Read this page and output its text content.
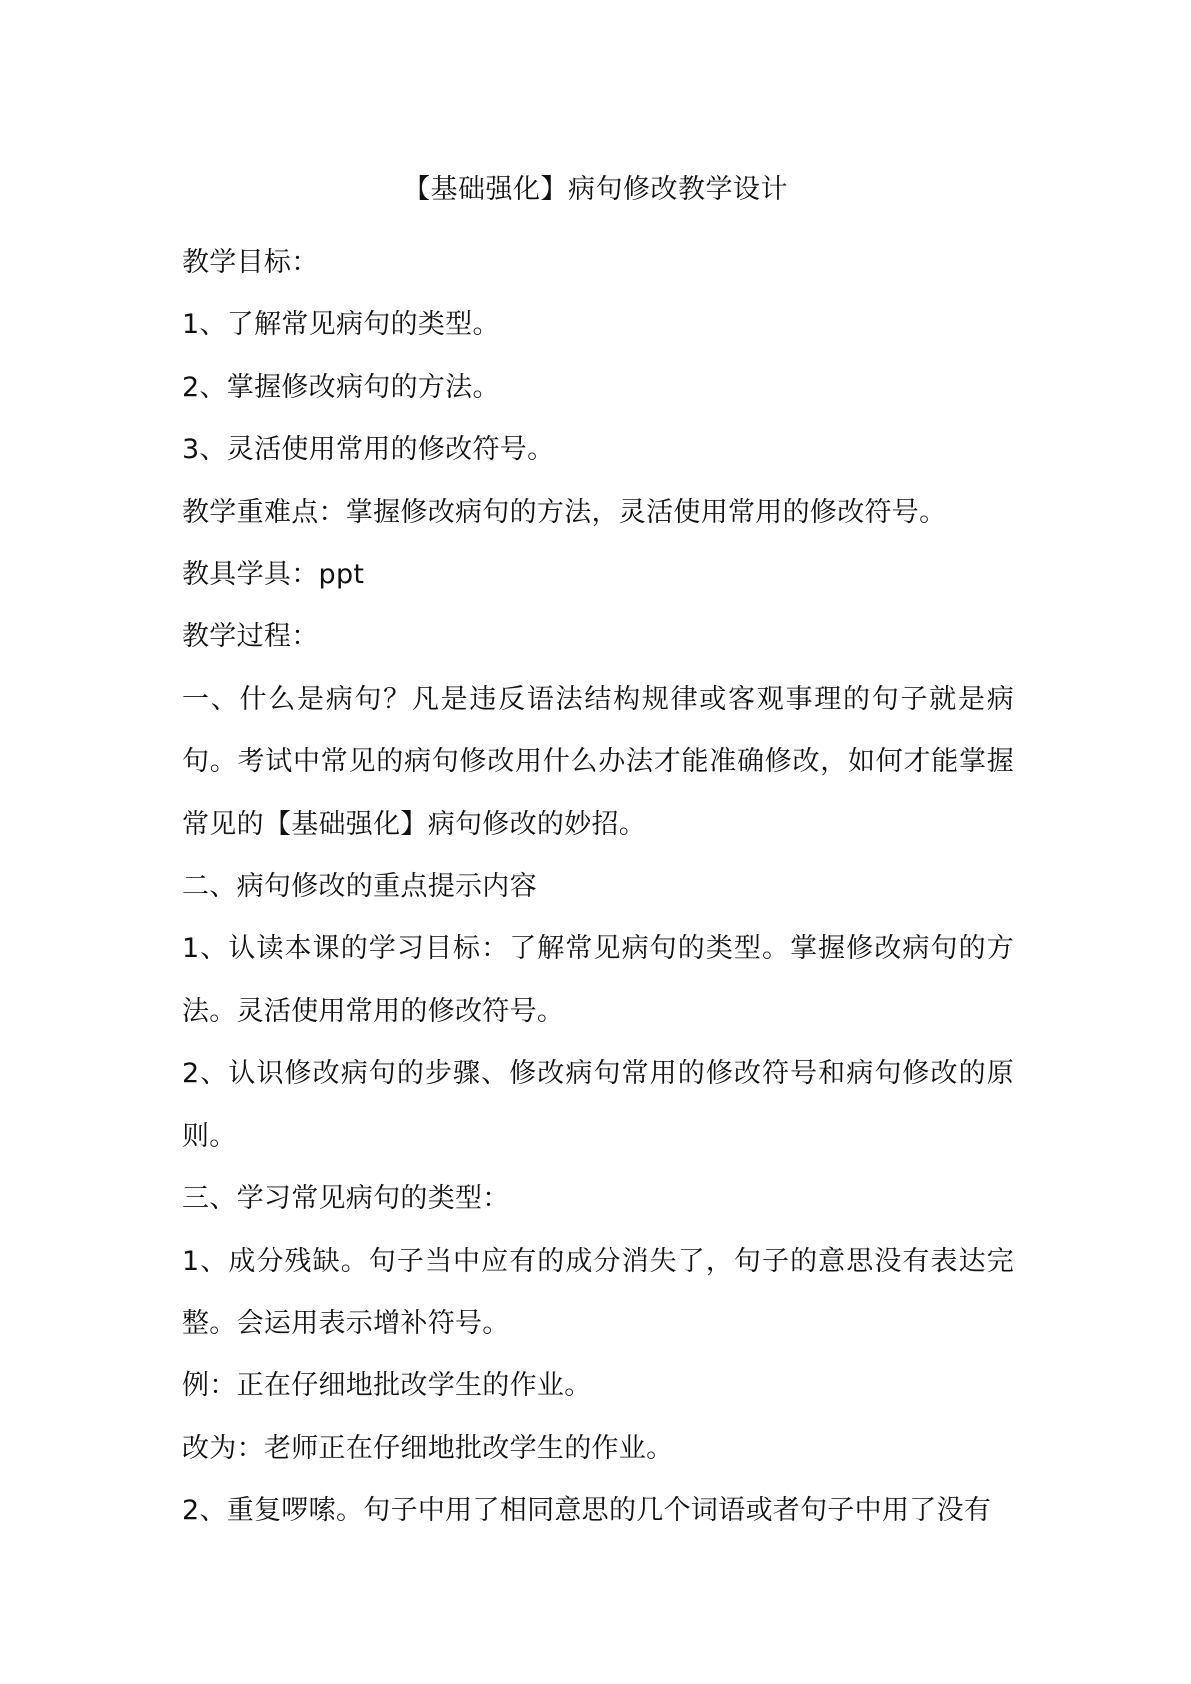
【基础强化】病句修改教学设计

教学目标：

1、了解常见病句的类型。

2、掌握修改病句的方法。

3、灵活使用常用的修改符号。

教学重难点：掌握修改病句的方法，灵活使用常用的修改符号。

教具学具：ppt

教学过程：

一、什么是病句？凡是违反语法结构规律或客观事理的句子就是病句。考试中常见的病句修改用什么办法才能准确修改，如何才能掌握常见的【基础强化】病句修改的妙招。

二、病句修改的重点提示内容

1、认读本课的学习目标：了解常见病句的类型。掌握修改病句的方法。灵活使用常用的修改符号。

2、认识修改病句的步骤、修改病句常用的修改符号和病句修改的原则。

三、学习常见病句的类型：

1、成分残缺。句子当中应有的成分消失了，句子的意思没有表达完整。会运用表示增补符号。

例：正在仔细地批改学生的作业。

改为：老师正在仔细地批改学生的作业。

2、重复啰嗦。句子中用了相同意思的几个词语或者句子中用了没有
